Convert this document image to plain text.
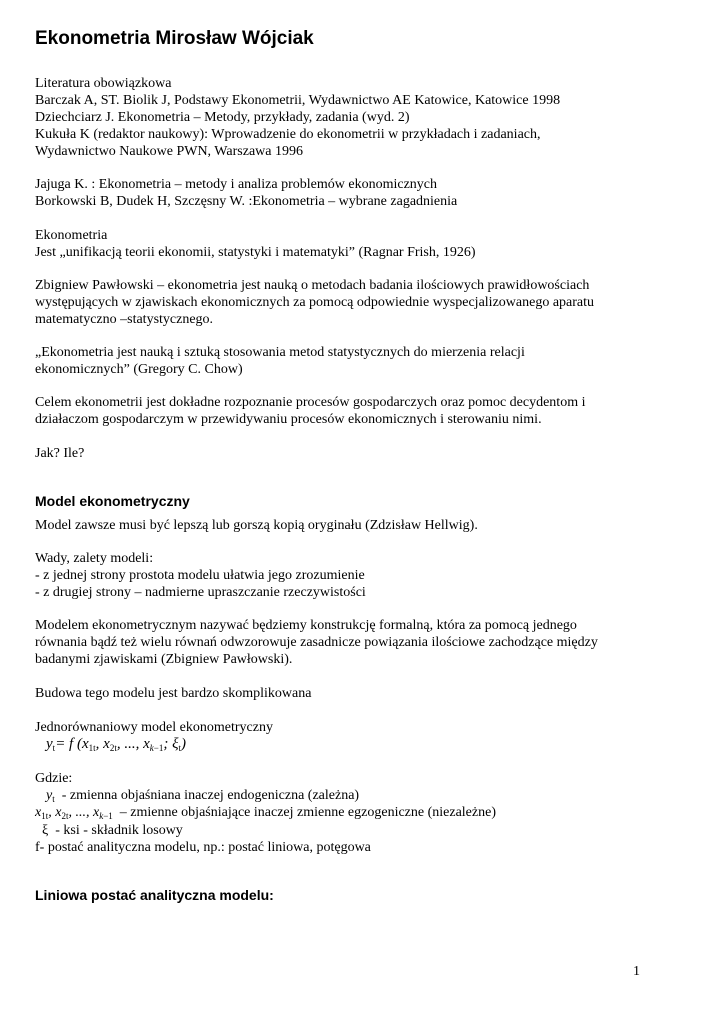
Ekonometria Mirosław Wójciak
Literatura obowiązkowa
Barczak A, ST. Biolik J, Podstawy Ekonometrii, Wydawnictwo AE Katowice, Katowice 1998
Dziechciarz J. Ekonometria – Metody, przykłady, zadania (wyd. 2)
Kukuła K (redaktor naukowy): Wprowadzenie do ekonometrii w przykładach i zadaniach,
Wydawnictwo Naukowe PWN, Warszawa 1996
Jajuga K. : Ekonometria – metody i analiza problemów ekonomicznych
Borkowski B, Dudek H, Szczęsny W. :Ekonometria – wybrane zagadnienia
Ekonometria
Jest „unifikacją teorii ekonomii, statystyki i matematyki” (Ragnar Frish, 1926)
Zbigniew Pawłowski – ekonometria jest nauką o metodach badania ilościowych prawidłowościach
występujących w zjawiskach ekonomicznych za pomocą odpowiednie wyspecjalizowanego aparatu
matematyczno –statystycznego.
„Ekonometria jest nauką i sztuką stosowania metod statystycznych do mierzenia relacji
ekonomicznych” (Gregory C. Chow)
Celem ekonometrii jest dokładne rozpoznanie procesów gospodarczych oraz pomoc decydentom i
działaczom gospodarczym w przewidywaniu procesów ekonomicznych i sterowaniu nimi.
Jak? Ile?
Model ekonometryczny
Model zawsze musi być lepszą lub gorszą kopią oryginału (Zdzisław Hellwig).
Wady, zalety modeli:
- z jednej strony prostota modelu ułatwia jego zrozumienie
- z drugiej strony – nadmierne upraszczanie rzeczywistości
Modelem ekonometrycznym nazywać będziemy konstrukcję formalną, która za pomocą jednego
równania bądź też wielu równań odwzorowuje zasadnicze powiązania ilościowe zachodzące między
badanymi zjawiskami (Zbigniew Pawłowski).
Budowa tego modelu jest bardzo skomplikowana
Jednorównaniowy model ekonometryczny
$y_t= f$ ($x_{1t}$, $x_{2t}$, ..., $x_{k-1}$; $\xi_t$)
Gdzie:
$y_t$ - zmienna objaśniana inaczej endogeniczna (zależna)
$x_{1t}$, $x_{2t}$, ..., $x_{k-1}$ – zmienne objaśniające inaczej zmienne egzogeniczne (niezależne)
ξ - ksi - składnik losowy
f- postać analityczna modelu, np.: postać liniowa, potęgowa
Liniowa postać analityczna modelu:
1
